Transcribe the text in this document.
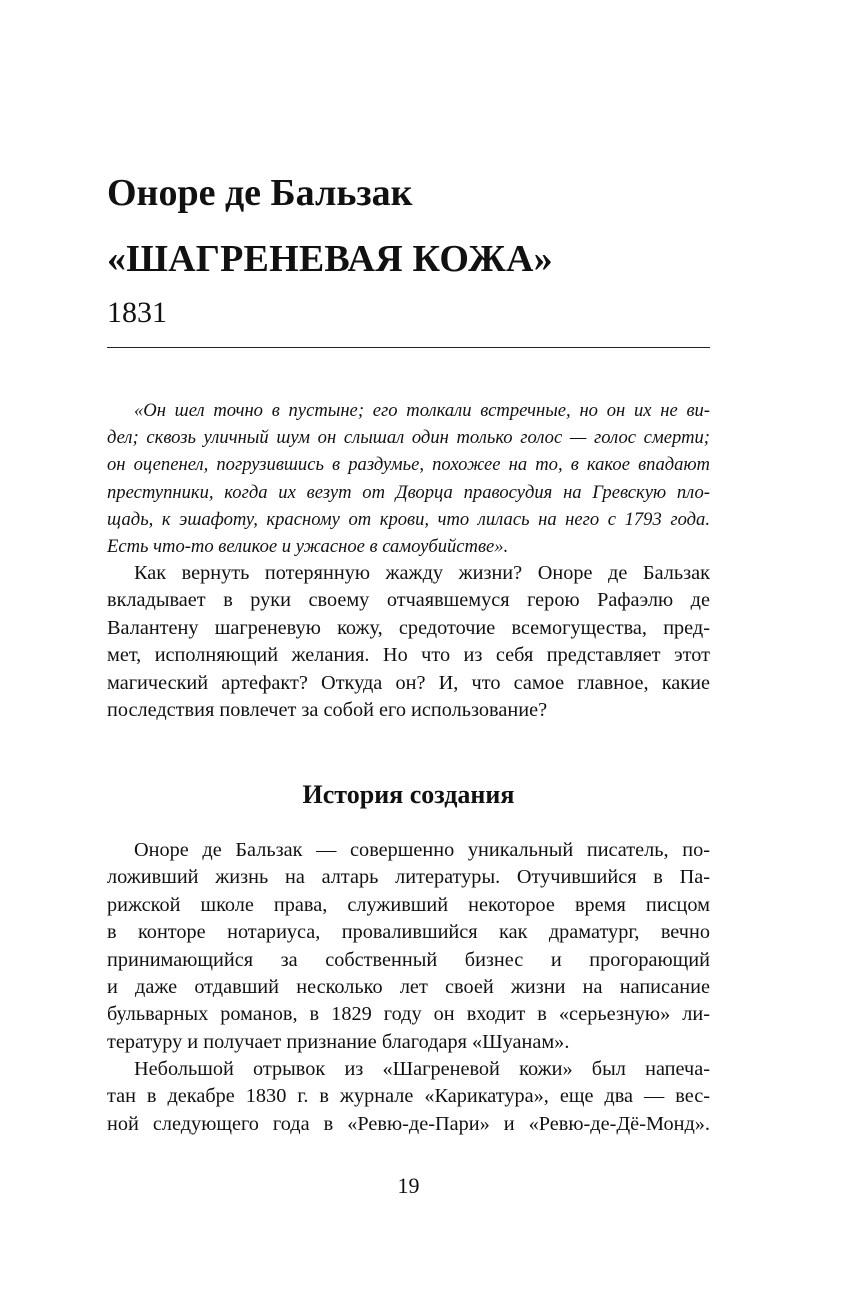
Оноре де Бальзак
«ШАГРЕНЕВАЯ КОЖА»
1831
«Он шел точно в пустыне; его толкали встречные, но он их не ви-
дел; сквозь уличный шум он слышал один только голос — голос смерти;
он оцепенел, погрузившись в раздумье, похожее на то, в какое впадают
преступники, когда их везут от Дворца правосудия на Гревскую пло-
щадь, к эшафоту, красному от крови, что лилась на него с 1793 года.
Есть что-то великое и ужасное в самоубийстве».
Как вернуть потерянную жажду жизни? Оноре де Бальзак
вкладывает в руки своему отчаявшемуся герою Рафаэлю де
Валантену шагреневую кожу, средоточие всемогущества, пред-
мет, исполняющий желания. Но что из себя представляет этот
магический артефакт? Откуда он? И, что самое главное, какие
последствия повлечет за собой его использование?
История создания
Оноре де Бальзак — совершенно уникальный писатель, по-
ложивший жизнь на алтарь литературы. Отучившийся в Па-
рижской школе права, служивший некоторое время писцом
в конторе нотариуса, провалившийся как драматург, вечно
принимающийся за собственный бизнес и прогорающий
и даже отдавший несколько лет своей жизни на написание
бульварных романов, в 1829 году он входит в «серьезную» ли-
тературу и получает признание благодаря «Шуанам».
Небольшой отрывок из «Шагреневой кожи» был напеча-
тан в декабре 1830 г. в журнале «Карикатура», еще два — вес-
ной следующего года в «Ревю-де-Пари» и «Ревю-де-Дё-Монд».
19
